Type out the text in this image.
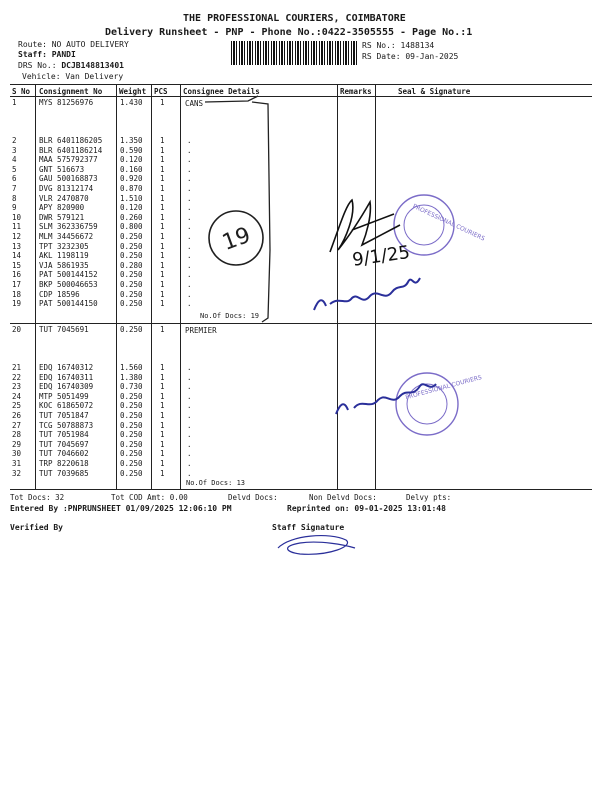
THE PROFESSIONAL COURIERS, COIMBATORE
Delivery Runsheet - PNP - Phone No.:0422-3505555 - Page No.:1
Route: NO AUTO DELIVERY
Staff: PANDI
DRS No.: DCJB148813401
Vehicle: Van Delivery
RS No.: 1488134
RS Date: 09-Jan-2025
S No Consignment No Weight PCS Consignee Details	Remarks	Seal & Signature
CANS
1	MYS 81256976	1.430 1
2	BLR 6401186205 1.350 1	.
3	BLR 6401186214 0.590 1	.
4	MAA 575792377	0.120 1	.
5	GNT 516673	0.160 1	.
6	GAU 500168873	0.920 1	.
7	DVG 81312174	0.870 1	.
8	VLR 2470870	1.510 1	.
9	APY 820900	0.120 1	.
10 DWR 579121	0.260 1	.
11 SLM 362336759	0.800 1	.
12 MLM 34456672	0.250 1	.
13 TPT 3232305	0.250 1	.
14 AKL 1198119	0.250 1	.
15 VJA 5861935	0.280 1	.
16 PAT 500144152	0.250 1	.
17 BKP 500046653	0.250 1	.
18 CDP 18596	0.250 1	.
19 PAT 500144150	0.250 1	.
PREMIER
20 TUT 7045691	0.250 1
21 EDQ 16740312	1.560 1	.
22 EDQ 16740311	1.380 1	.
23 EDQ 16740309	0.730 1	.
24 MTP 5051499	0.250 1	.
25 KOC 61865072	0.250 1	.
26 TUT 7051847	0.250 1	.
27 TCG 50788873	0.250 1	.
28 TUT 7051984	0.250 1	.
29 TUT 7045697	0.250 1	.
30 TUT 7046602	0.250 1	.
31 TRP 8220618	0.250 1	.
32 TUT 7039685	0.250 1	.
No.Of Docs: 19
No.Of Docs: 13
Tot Docs: 32	Tot COD Amt: 0.00	Delvd Docs:	Non Delvd Docs:	Delvy pts:
Entered By :PNPRUNSHEET 01/09/2025 12:06:10 PM	Reprinted on: 09-01-2025 13:01:48
Verified By	Staff Signature
19	PROFESSIONAL COURIERS
PROFESSIONAL COURIERS
9/1/25
